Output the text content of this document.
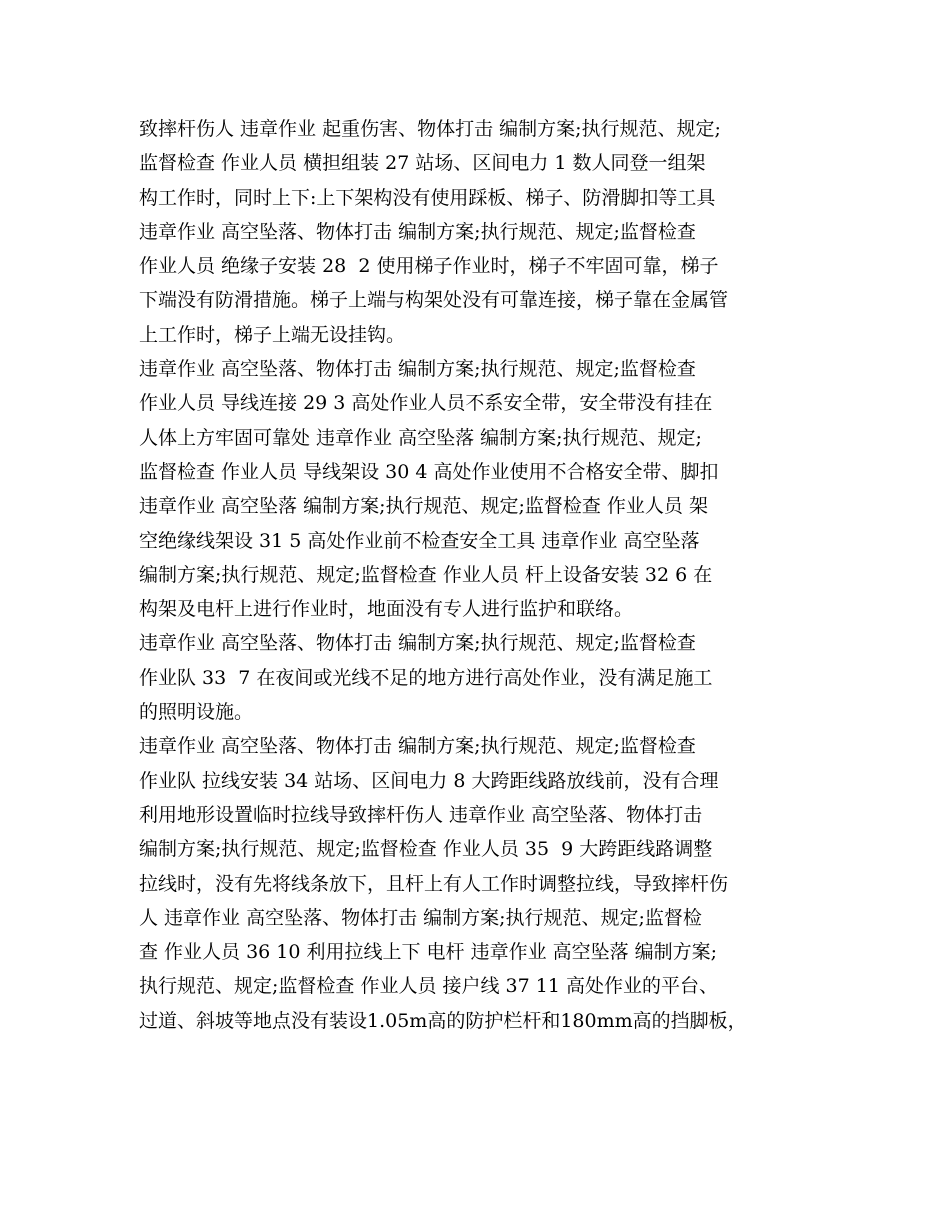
致摔杆伤人 违章作业 起重伤害、物体打击 编制方案;执行规范、规定;
监督检查 作业人员 横担组装 27 站场、区间电力 1 数人同登一组架
构工作时，同时上下:上下架构没有使用踩板、梯子、防滑脚扣等工具
违章作业 高空坠落、物体打击 编制方案;执行规范、规定;监督检查
作业人员 绝缘子安装 28  2 使用梯子作业时，梯子不牢固可靠，梯子
下端没有防滑措施。梯子上端与构架处没有可靠连接，梯子靠在金属管
上工作时，梯子上端无设挂钩。
违章作业 高空坠落、物体打击 编制方案;执行规范、规定;监督检查
作业人员 导线连接 29 3 高处作业人员不系安全带，安全带没有挂在
人体上方牢固可靠处 违章作业 高空坠落 编制方案;执行规范、规定;
监督检查 作业人员 导线架设 30 4 高处作业使用不合格安全带、脚扣
违章作业 高空坠落 编制方案;执行规范、规定;监督检查 作业人员 架
空绝缘线架设 31 5 高处作业前不检查安全工具 违章作业 高空坠落
编制方案;执行规范、规定;监督检查 作业人员 杆上设备安装 32 6 在
构架及电杆上进行作业时，地面没有专人进行监护和联络。
违章作业 高空坠落、物体打击 编制方案;执行规范、规定;监督检查
作业队 33  7 在夜间或光线不足的地方进行高处作业，没有满足施工
的照明设施。
违章作业 高空坠落、物体打击 编制方案;执行规范、规定;监督检查
作业队 拉线安装 34 站场、区间电力 8 大跨距线路放线前，没有合理
利用地形设置临时拉线导致摔杆伤人 违章作业 高空坠落、物体打击
编制方案;执行规范、规定;监督检查 作业人员 35  9 大跨距线路调整
拉线时，没有先将线条放下，且杆上有人工作时调整拉线，导致摔杆伤
人 违章作业 高空坠落、物体打击 编制方案;执行规范、规定;监督检
查 作业人员 36 10 利用拉线上下 电杆 违章作业 高空坠落 编制方案;
执行规范、规定;监督检查 作业人员 接户线 37 11 高处作业的平台、
过道、斜坡等地点没有装设1.05m高的防护栏杆和180mm高的挡脚板，
